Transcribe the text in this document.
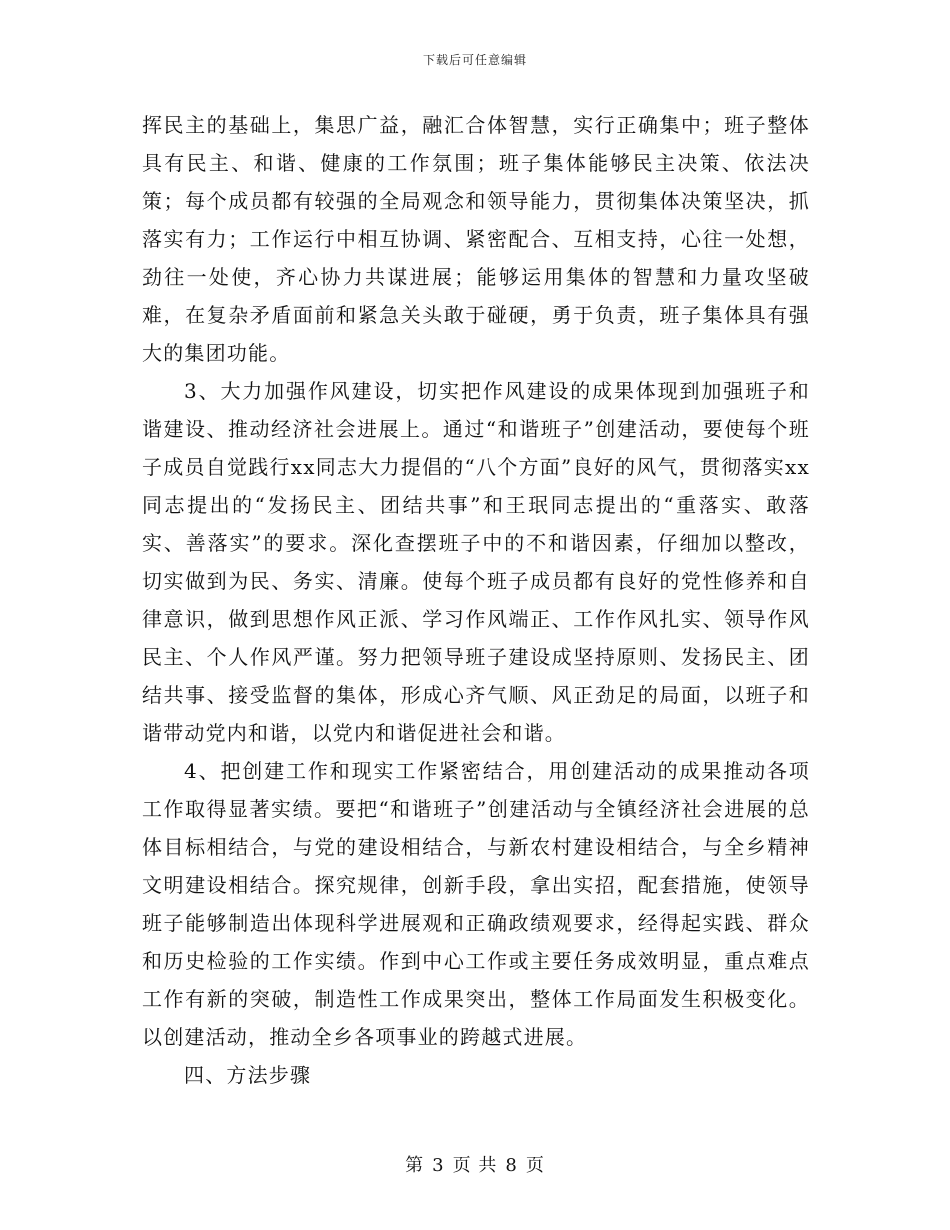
下载后可任意编辑

挥民主的基础上，集思广益，融汇合体智慧，实行正确集中；班子整体具有民主、和谐、健康的工作氛围；班子集体能够民主决策、依法决策；每个成员都有较强的全局观念和领导能力，贯彻集体决策坚决，抓落实有力；工作运行中相互协调、紧密配合、互相支持，心往一处想，劲往一处使，齐心协力共谋进展；能够运用集体的智慧和力量攻坚破难，在复杂矛盾面前和紧急关头敢于碰硬，勇于负责，班子集体具有强大的集团功能。

3、大力加强作风建设，切实把作风建设的成果体现到加强班子和谐建设、推动经济社会进展上。通过“和谐班子”创建活动，要使每个班子成员自觉践行xx同志大力提倡的“八个方面”良好的风气，贯彻落实xx同志提出的“发扬民主、团结共事”和王珉同志提出的“重落实、敢落实、善落实”的要求。深化查摆班子中的不和谐因素，仔细加以整改，切实做到为民、务实、清廉。使每个班子成员都有良好的党性修养和自律意识，做到思想作风正派、学习作风端正、工作作风扎实、领导作风民主、个人作风严谨。努力把领导班子建设成坚持原则、发扬民主、团结共事、接受监督的集体，形成心齐气顺、风正劲足的局面，以班子和谐带动党内和谐，以党内和谐促进社会和谐。

4、把创建工作和现实工作紧密结合，用创建活动的成果推动各项工作取得显著实绩。要把“和谐班子”创建活动与全镇经济社会进展的总体目标相结合，与党的建设相结合，与新农村建设相结合，与全乡精神文明建设相结合。探究规律，创新手段，拿出实招，配套措施，使领导班子能够制造出体现科学进展观和正确政绩观要求，经得起实践、群众和历史检验的工作实绩。作到中心工作或主要任务成效明显，重点难点工作有新的突破，制造性工作成果突出，整体工作局面发生积极变化。以创建活动，推动全乡各项事业的跨越式进展。

四、方法步骤

第 3 页 共 8 页
